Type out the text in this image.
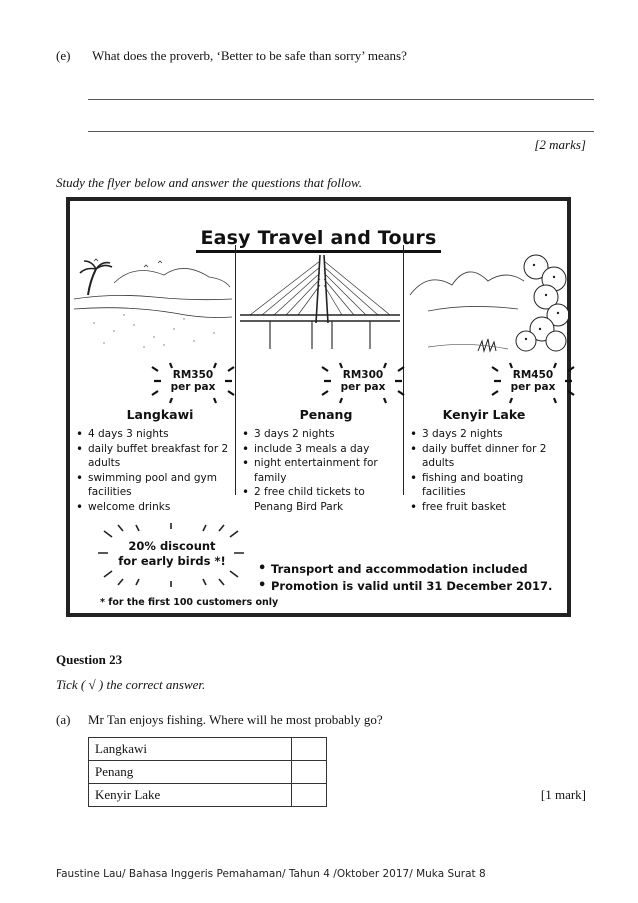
(e) What does the proverb, ‘Better to be safe than sorry’ means?
[2 marks]
Study the flyer below and answer the questions that follow.
Easy Travel and Tours
RM350
per pax
RM300
per pax
RM450
per pax
Langkawi	Penang	Kenyir Lake
• 4 days 3 nights
• daily buffet breakfast for 2 adults
• swimming pool and gym facilities
• welcome drinks
• 3 days 2 nights
• include 3 meals a day
• night entertainment for family
• 2 free child tickets to Penang Bird Park
• 3 days 2 nights
• daily buffet dinner for 2 adults
• fishing and boating facilities
• free fruit basket
20% discount
for early birds *!
* for the first 100 customers only
• Transport and accommodation included
• Promotion is valid until 31 December 2017.
Question 23
Tick ( √ ) the correct answer.
(a) Mr Tan enjoys fishing. Where will he most probably go?
Langkawi	
Penang	
Kenyir Lake		[1 mark]
Faustine Lau/ Bahasa Inggeris Pemahaman/ Tahun 4 /Oktober 2017/ Muka Surat 8
